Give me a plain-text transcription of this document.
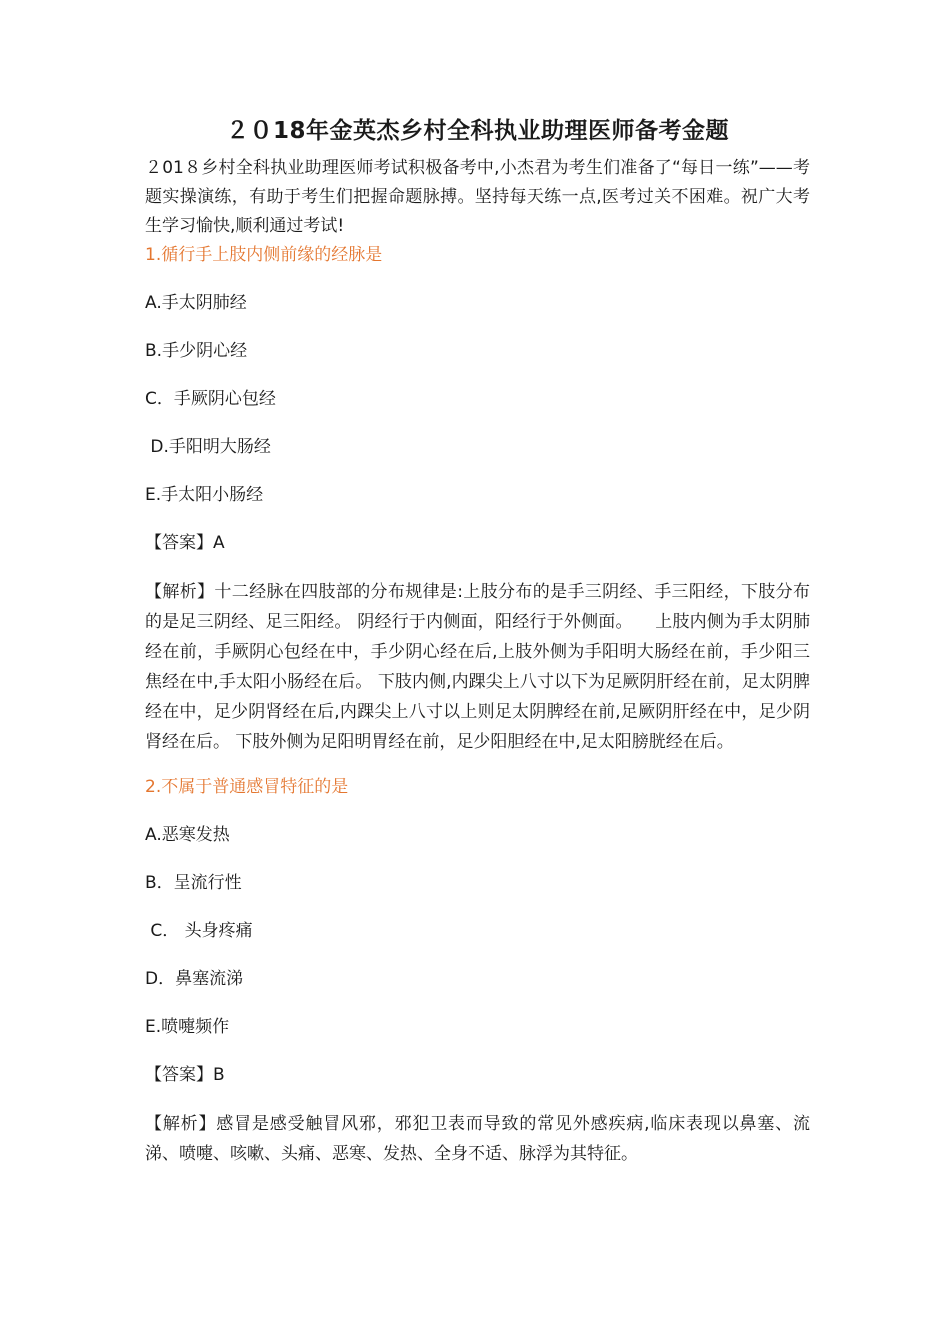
２０18年金英杰乡村全科执业助理医师备考金题

２01８乡村全科执业助理医师考试积极备考中,小杰君为考生们准备了“每日一练”——考题实操演练，有助于考生们把握命题脉搏。坚持每天练一点,医考过关不困难。祝广大考生学习愉快,顺利通过考试!

1.循行手上肢内侧前缘的经脉是

A.手太阴肺经

B.手少阴心经

C．手厥阴心包经

D.手阳明大肠经

E.手太阳小肠经

【答案】A

【解析】十二经脉在四肢部的分布规律是:上肢分布的是手三阴经、手三阳经，下肢分布的是足三阴经、足三阳经。 阴经行于内侧面，阳经行于外侧面。    上肢内侧为手太阴肺经在前，手厥阴心包经在中，手少阴心经在后,上肢外侧为手阳明大肠经在前，手少阳三焦经在中,手太阳小肠经在后。 下肢内侧,内踝尖上八寸以下为足厥阴肝经在前，足太阴脾经在中，足少阴肾经在后,内踝尖上八寸以上则足太阴脾经在前,足厥阴肝经在中，足少阴肾经在后。 下肢外侧为足阳明胃经在前，足少阳胆经在中,足太阳膀胱经在后。

2.不属于普通感冒特征的是

A.恶寒发热

B．呈流行性

C． 头身疼痛

D．鼻塞流涕

E.喷嚏频作

【答案】B

【解析】感冒是感受触冒风邪，邪犯卫表而导致的常见外感疾病,临床表现以鼻塞、流涕、喷嚏、咳嗽、头痛、恶寒、发热、全身不适、脉浮为其特征。
